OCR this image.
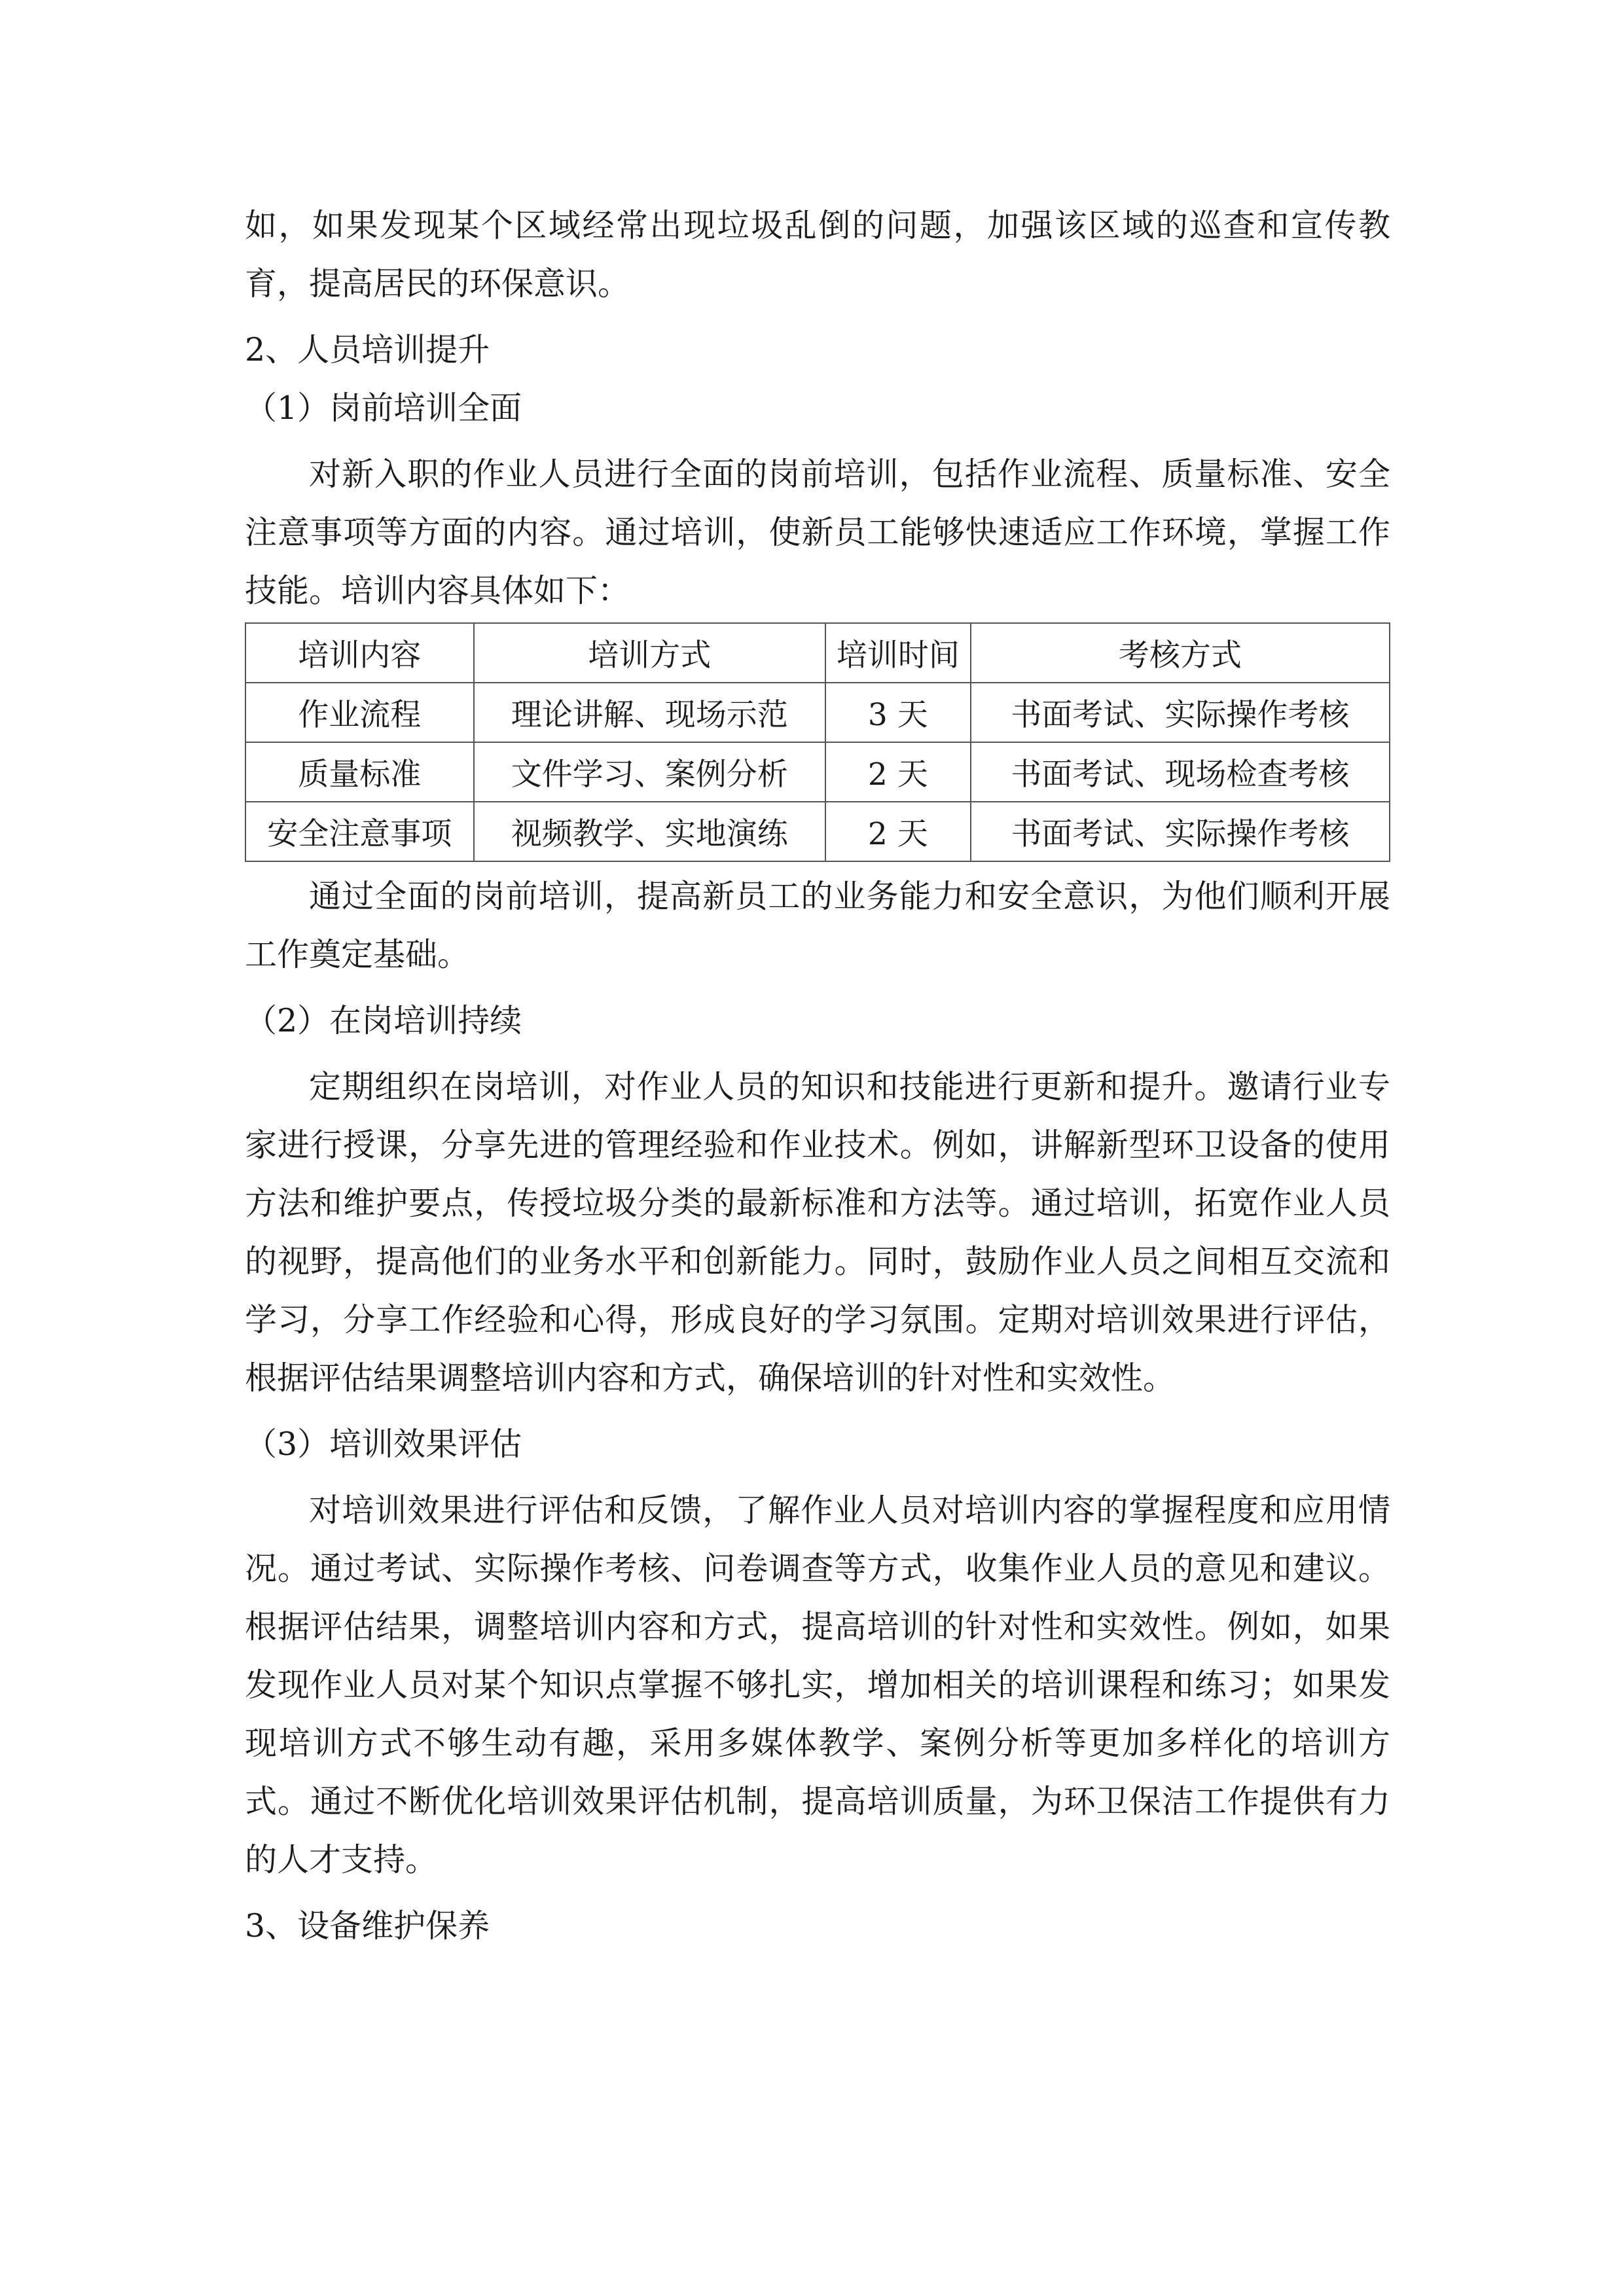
如，如果发现某个区域经常出现垃圾乱倒的问题，加强该区域的巡查和宣传教育，提高居民的环保意识。

2、人员培训提升

（1）岗前培训全面

对新入职的作业人员进行全面的岗前培训，包括作业流程、质量标准、安全注意事项等方面的内容。通过培训，使新员工能够快速适应工作环境，掌握工作技能。培训内容具体如下：

培训内容	培训方式	培训时间	考核方式
作业流程	理论讲解、现场示范	3 天	书面考试、实际操作考核
质量标准	文件学习、案例分析	2 天	书面考试、现场检查考核
安全注意事项	视频教学、实地演练	2 天	书面考试、实际操作考核

通过全面的岗前培训，提高新员工的业务能力和安全意识，为他们顺利开展工作奠定基础。

（2）在岗培训持续

定期组织在岗培训，对作业人员的知识和技能进行更新和提升。邀请行业专家进行授课，分享先进的管理经验和作业技术。例如，讲解新型环卫设备的使用方法和维护要点，传授垃圾分类的最新标准和方法等。通过培训，拓宽作业人员的视野，提高他们的业务水平和创新能力。同时，鼓励作业人员之间相互交流和学习，分享工作经验和心得，形成良好的学习氛围。定期对培训效果进行评估，根据评估结果调整培训内容和方式，确保培训的针对性和实效性。

（3）培训效果评估

对培训效果进行评估和反馈，了解作业人员对培训内容的掌握程度和应用情况。通过考试、实际操作考核、问卷调查等方式，收集作业人员的意见和建议。根据评估结果，调整培训内容和方式，提高培训的针对性和实效性。例如，如果发现作业人员对某个知识点掌握不够扎实，增加相关的培训课程和练习；如果发现培训方式不够生动有趣，采用多媒体教学、案例分析等更加多样化的培训方式。通过不断优化培训效果评估机制，提高培训质量，为环卫保洁工作提供有力的人才支持。

3、设备维护保养
